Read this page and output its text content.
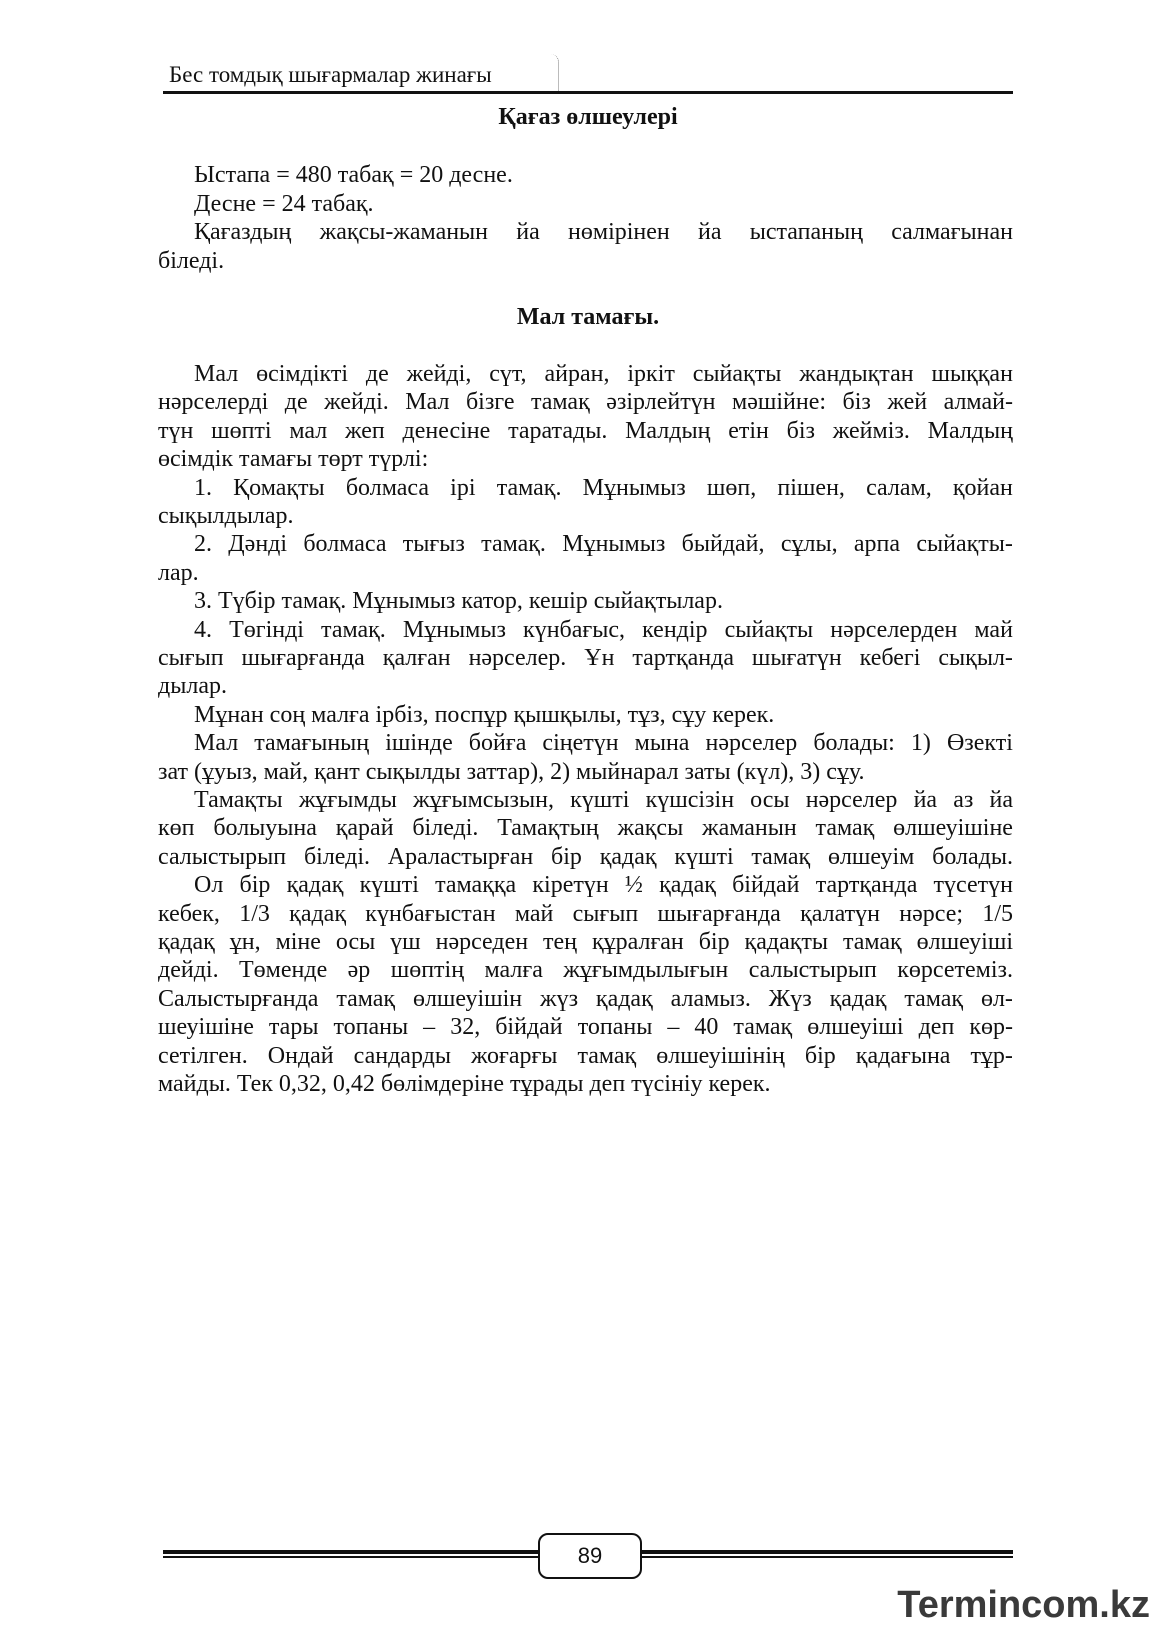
Бес томдық шығармалар жинағы
Қағаз өлшеулері
Ыстапа = 480 табақ = 20 десне.
Десне = 24 табақ.
Қағаздың жақсы-жаманын йа нөмірінен йа ыстапаның салмағынан
біледі.
Мал тамағы.
Мал өсімдікті де жейді, сүт, айран, іркіт сыйақты жандықтан шыққан
нәрселерді де жейді. Мал бізге тамақ әзірлейтүн мәшійне: біз жей алмай-
түн шөпті мал жеп денесіне таратады. Малдың етін біз жейміз. Малдың
өсімдік тамағы төрт түрлі:
1. Қомақты болмаса ірі тамақ. Мұнымыз шөп, пішен, салам, қойан
сықылдылар.
2. Дәнді болмаса тығыз тамақ. Мұнымыз быйдай, сұлы, арпа сыйақты-
лар.
3. Түбір тамақ. Мұнымыз катор, кешір сыйақтылар.
4. Төгінді тамақ. Мұнымыз күнбағыс, кендір сыйақты нәрселерден май
сығып шығарғанда қалған нәрселер. Ұн тартқанда шығатүн кебегі сықыл-
дылар.
Мұнан соң малға ірбіз, поспұр қышқылы, тұз, сұу керек.
Мал тамағының ішінде бойға сіңетүн мына нәрселер болады: 1) Өзекті
зат (ұуыз, май, қант сықылды заттар), 2) мыйнарал заты (күл), 3) сұу.
Тамақты жұғымды жұғымсызын, күшті күшсізін осы нәрселер йа аз йа
көп болыуына қарай біледі. Тамақтың жақсы жаманын тамақ өлшеуішіне
салыстырып біледі. Араластырған бір қадақ күшті тамақ өлшеуім болады.
Ол бір қадақ күшті тамаққа кіретүн ½ қадақ бійдай тартқанда түсетүн
кебек, 1/3 қадақ күнбағыстан май сығып шығарғанда қалатүн нәрсе; 1/5
қадақ ұн, міне осы үш нәрседен тең құралған бір қадақты тамақ өлшеуіші
дейді. Төменде әр шөптің малға жұғымдылығын салыстырып көрсетеміз.
Салыстырғанда тамақ өлшеуішін жүз қадақ аламыз. Жүз қадақ тамақ өл-
шеуішіне тары топаны – 32, бійдай топаны – 40 тамақ өлшеуіші деп көр-
сетілген. Ондай сандарды жоғарғы тамақ өлшеуішінің бір қадағына тұр-
майды. Тек 0,32, 0,42 бөлімдеріне тұрады деп түсініу керек.
89
Termincom.kz
